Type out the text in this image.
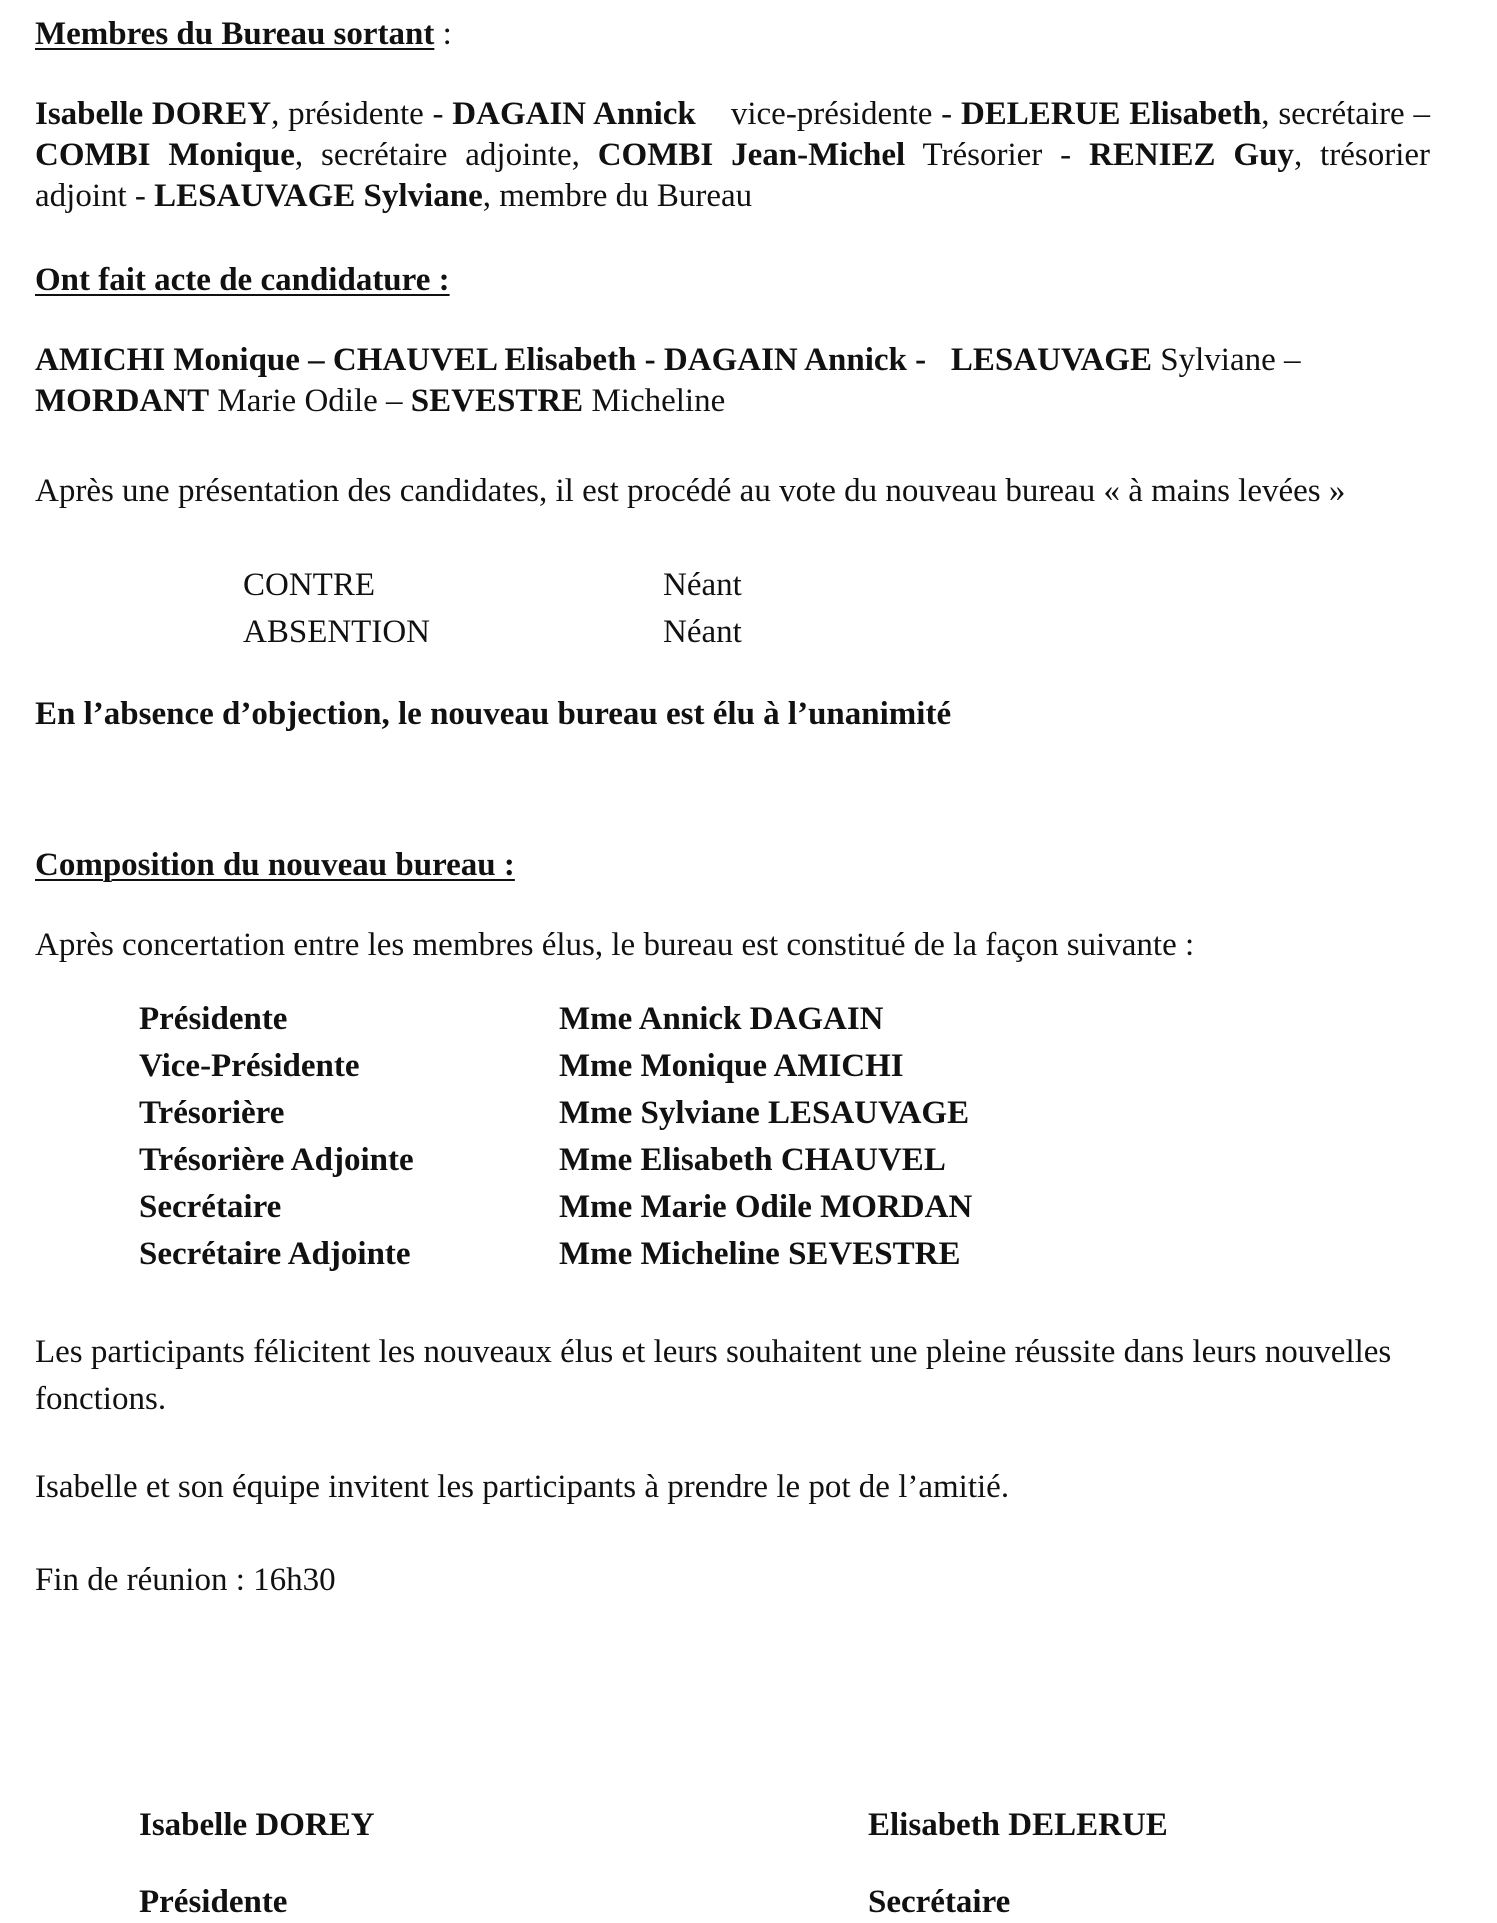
Membres du Bureau sortant :

Isabelle DOREY, présidente - DAGAIN Annick    vice-présidente - DELERUE Elisabeth, secrétaire – COMBI Monique, secrétaire adjointe, COMBI Jean-Michel Trésorier - RENIEZ Guy, trésorier adjoint - LESAUVAGE Sylviane, membre du Bureau

Ont fait acte de candidature :

AMICHI Monique – CHAUVEL Elisabeth - DAGAIN Annick -   LESAUVAGE Sylviane –
MORDANT Marie Odile – SEVESTRE Micheline

Après une présentation des candidates, il est procédé au vote du nouveau bureau « à mains levées »

CONTRE	Néant
ABSENTION	Néant
En l’absence d’objection, le nouveau bureau est élu à l’unanimité
Composition du nouveau bureau :
Après concertation entre les membres élus, le bureau est constitué de la façon suivante :
Présidente	Mme Annick DAGAIN
Vice-Présidente	Mme Monique AMICHI
Trésorière	Mme Sylviane LESAUVAGE
Trésorière Adjointe	Mme Elisabeth CHAUVEL
Secrétaire	Mme Marie Odile MORDAN
Secrétaire Adjointe	Mme Micheline SEVESTRE

Les participants félicitent les nouveaux élus et leurs souhaitent une pleine réussite dans leurs nouvelles fonctions.

Isabelle et son équipe invitent les participants à prendre le pot de l’amitié.
Fin de réunion : 16h30
Isabelle DOREY
Présidente
Elisabeth DELERUE
Secrétaire
